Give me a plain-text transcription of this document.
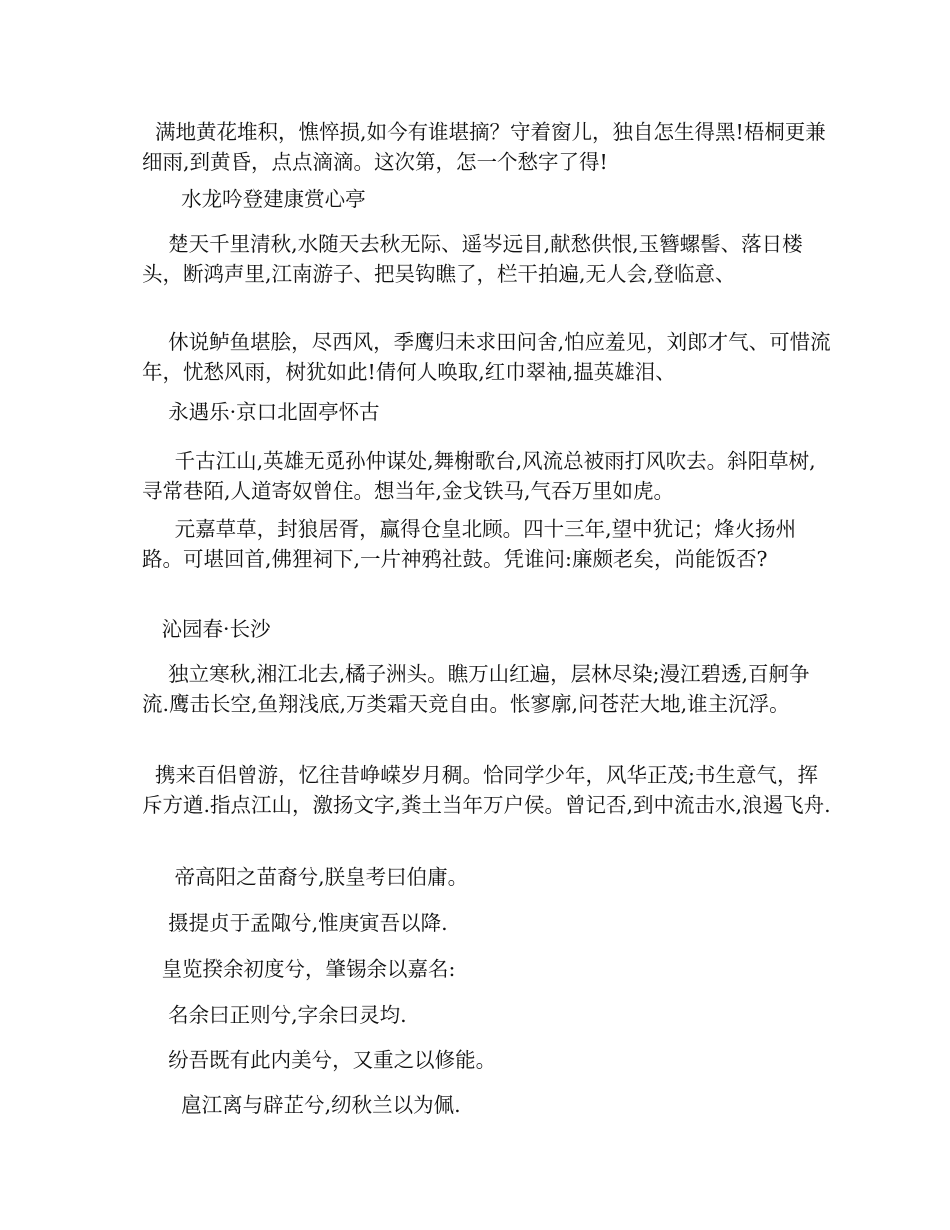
满地黄花堆积，憔悴损,如今有谁堪摘？守着窗儿，独自怎生得黑!梧桐更兼细雨,到黄昏，点点滴滴。这次第，怎一个愁字了得!

水龙吟登建康赏心亭

楚天千里清秋,水随天去秋无际、遥岑远目,献愁供恨,玉簪螺髻、落日楼头，断鸿声里,江南游子、把吴钩瞧了，栏干拍遍,无人会,登临意、

休说鲈鱼堪脍，尽西风，季鹰归未求田问舍,怕应羞见，刘郎才气、可惜流年，忧愁风雨，树犹如此!倩何人唤取,红巾翠袖,揾英雄泪、

永遇乐·京口北固亭怀古

千古江山,英雄无觅孙仲谋处,舞榭歌台,风流总被雨打风吹去。斜阳草树,寻常巷陌,人道寄奴曾住。想当年,金戈铁马,气吞万里如虎。

元嘉草草，封狼居胥，赢得仓皇北顾。四十三年,望中犹记；烽火扬州路。可堪回首,佛狸祠下,一片神鸦社鼓。凭谁问:廉颇老矣，尚能饭否?

沁园春·长沙

独立寒秋,湘江北去,橘子洲头。瞧万山红遍，层林尽染;漫江碧透,百舸争流.鹰击长空,鱼翔浅底,万类霜天竞自由。怅寥廓,问苍茫大地,谁主沉浮。

携来百侣曾游，忆往昔峥嵘岁月稠。恰同学少年，风华正茂;书生意气，挥斥方遒.指点江山，激扬文字,粪土当年万户侯。曾记否,到中流击水,浪遏飞舟.

帝高阳之苗裔兮,朕皇考曰伯庸。

摄提贞于孟陬兮,惟庚寅吾以降.

皇览揆余初度兮，肇锡余以嘉名:

名余曰正则兮,字余曰灵均.

纷吾既有此内美兮，又重之以修能。

扈江离与辟芷兮,纫秋兰以为佩.
